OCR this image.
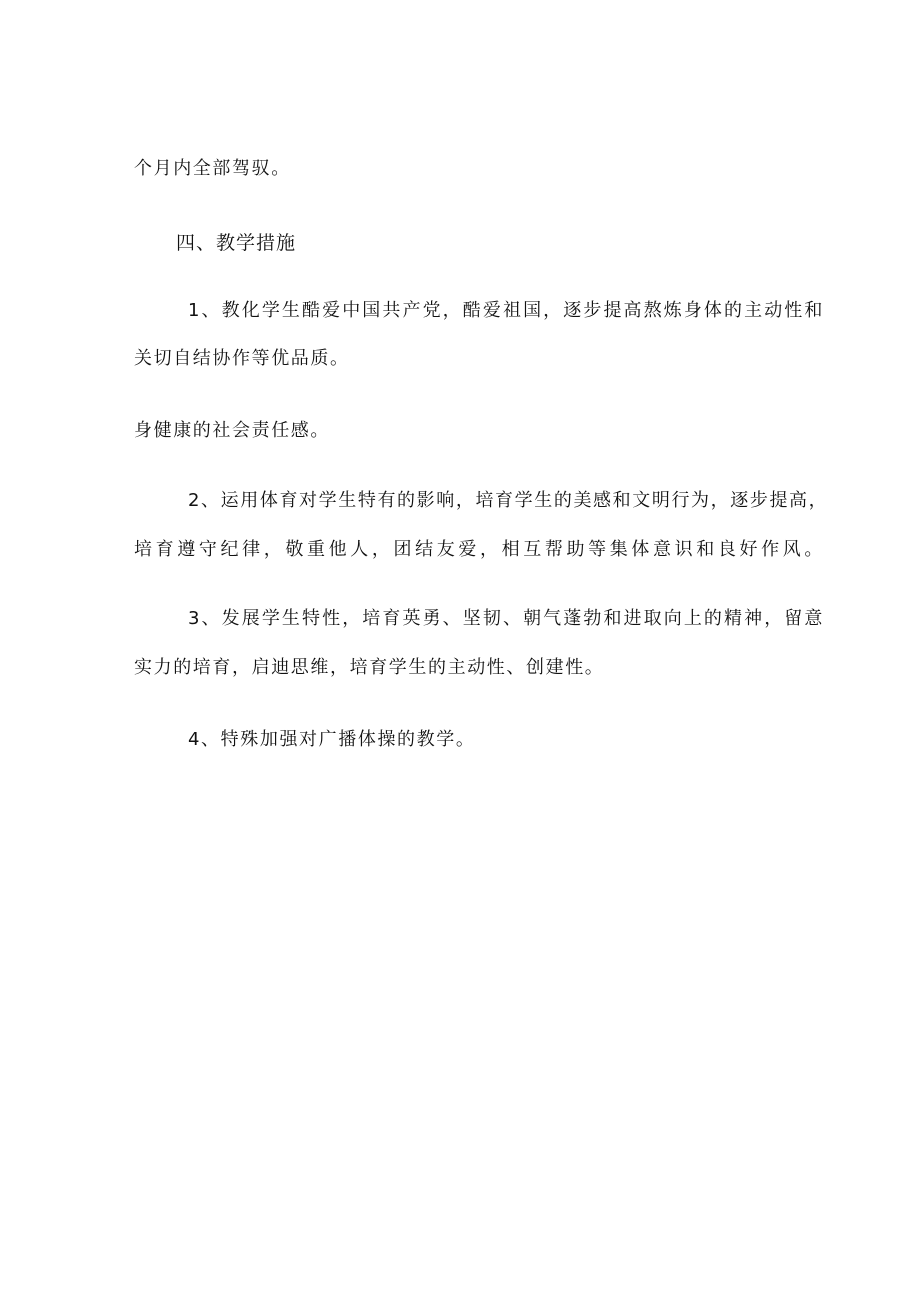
个月内全部驾驭。
四、教学措施
1、教化学生酷爱中国共产党，酷爱祖国，逐步提高熬炼身体的主动性和
关切自结协作等优品质。
身健康的社会责任感。
2、运用体育对学生特有的影响，培育学生的美感和文明行为，逐步提高，
培育遵守纪律，敬重他人，团结友爱，相互帮助等集体意识和良好作风。
3、发展学生特性，培育英勇、坚韧、朝气蓬勃和进取向上的精神，留意
实力的培育，启迪思维，培育学生的主动性、创建性。
4、特殊加强对广播体操的教学。
